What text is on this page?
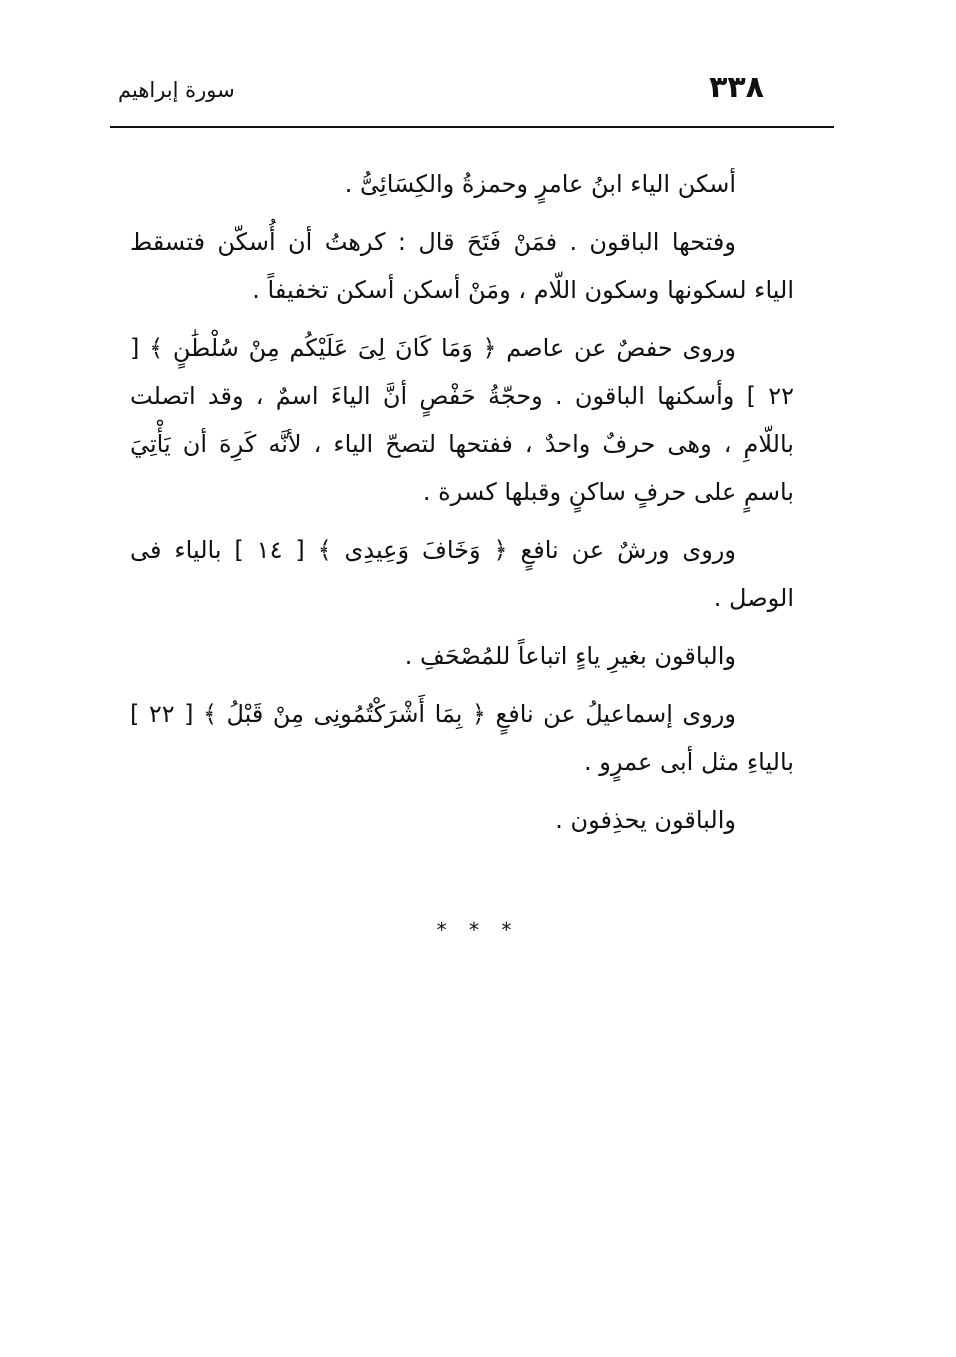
٣٣٨
سورة إبراهيم

أسكن الياء ابنُ عامرٍ وحمزةُ والكِسَائِىُّ .

وفتحها الباقون . فمَنْ فَتَحَ قال : كرهتُ أن أُسكّن فتسقط الياء لسكونها وسكون اللّام ، ومَنْ أسكن أسكن تخفيفاً .

وروى حفصٌ عن عاصم ﴿ وَمَا كَانَ لِىَ عَلَيْكُم مِنْ سُلْطَٰنٍ ﴾ [ ٢٢ ] وأسكنها الباقون . وحجّةُ حَفْصٍ أنَّ الياءَ اسمٌ ، وقد اتصلت باللّامِ ، وهى حرفٌ واحدٌ ، ففتحها لتصحّ الياء ، لأنَّه كَرِهَ أن يَأْتِيَ باسمٍ على حرفٍ ساكنٍ وقبلها كسرة .

وروى ورشٌ عن نافعٍ ﴿ وَخَافَ وَعِيدِى ﴾ [ ١٤ ] بالياء فى الوصل .

والباقون بغيرِ ياءٍ اتباعاً للمُصْحَفِ .

وروى إسماعيلُ عن نافعٍ ﴿ بِمَا أَشْرَكْتُمُونِى مِنْ قَبْلُ ﴾ [ ٢٢ ] بالياءِ مثل أبى عمرٍو .

والباقون يحذِفون .

* * *
